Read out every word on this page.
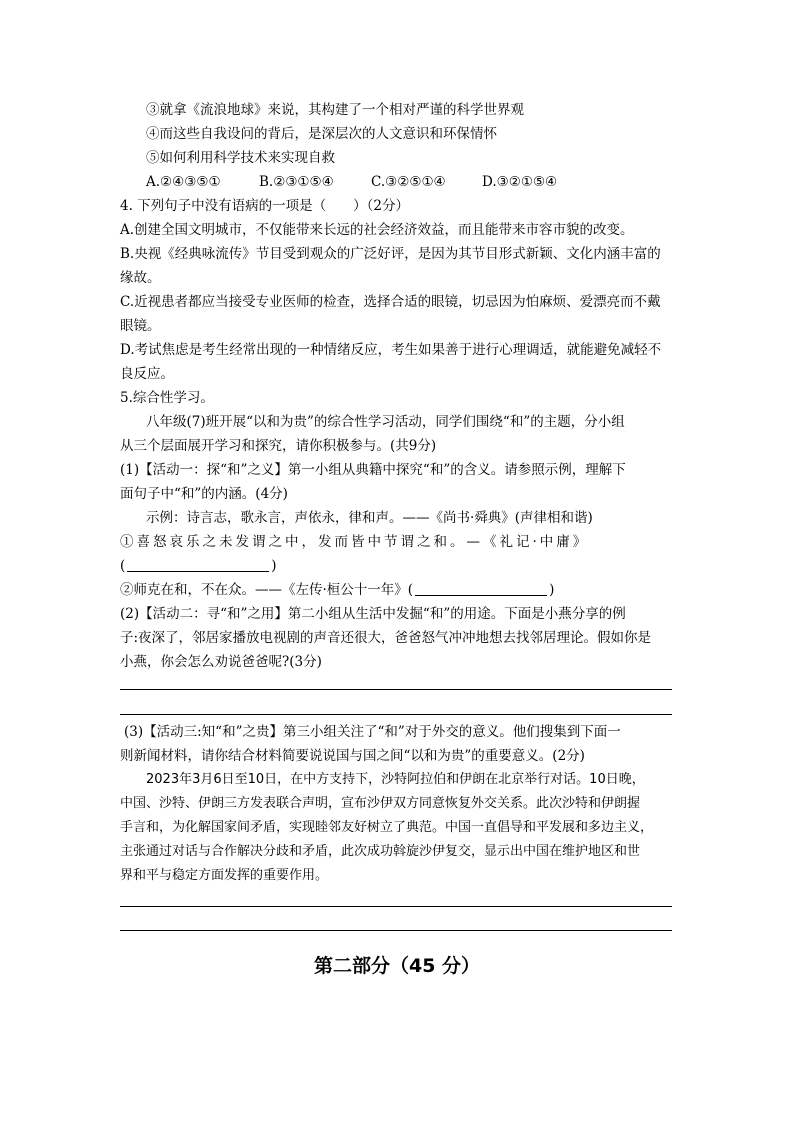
③就拿《流浪地球》来说，其构建了一个相对严谨的科学世界观
④而这些自我设问的背后，是深层次的人文意识和环保情怀
⑤如何利用科学技术来实现自救
A.②④③⑤①	B.②③①⑤④	C.③②⑤①④	D.③②①⑤④
4. 下列句子中没有语病的一项是（　　）（2分）
A.创建全国文明城市，不仅能带来长远的社会经济效益，而且能带来市容市貌的改变。
B.央视《经典咏流传》节目受到观众的广泛好评，是因为其节目形式新颖、文化内涵丰富的
缘故。
C.近视患者都应当接受专业医师的检查，选择合适的眼镜，切忌因为怕麻烦、爱漂亮而不戴
眼镜。
D.考试焦虑是考生经常出现的一种情绪反应，考生如果善于进行心理调适，就能避免减轻不
良反应。
5.综合性学习。
八年级(7)班开展“以和为贵”的综合性学习活动，同学们围绕“和”的主题，分小组
从三个层面展开学习和探究，请你积极参与。(共9分)
(1)【活动一：探“和”之义】第一小组从典籍中探究“和”的含义。请参照示例，理解下
面句子中“和”的内涵。(4分)
示例：诗言志，歌永言，声依永，律和声。——《尚书·舜典》(声律相和谐)
①喜怒哀乐之未发谓之中，发而皆中节谓之和。—《礼记·中庸》
(	)
②师克在和，不在众。——《左传·桓公十一年》(	)
(2)【活动二：寻“和”之用】第二小组从生活中发掘“和”的用途。下面是小燕分享的例
子:夜深了，邻居家播放电视剧的声音还很大，爸爸怒气冲冲地想去找邻居理论。假如你是
小燕，你会怎么劝说爸爸呢?(3分)
(3)【活动三:知“和”之贵】第三小组关注了“和”对于外交的意义。他们搜集到下面一
则新闻材料，请你结合材料简要说说国与国之间“以和为贵”的重要意义。(2分)
2023年3月6日至10日，在中方支持下，沙特阿拉伯和伊朗在北京举行对话。10日晚，
中国、沙特、伊朗三方发表联合声明，宣布沙伊双方同意恢复外交关系。此次沙特和伊朗握
手言和，为化解国家间矛盾，实现睦邻友好树立了典范。中国一直倡导和平发展和多边主义，
主张通过对话与合作解决分歧和矛盾，此次成功斡旋沙伊复交，显示出中国在维护地区和世
界和平与稳定方面发挥的重要作用。
第二部分（45 分）
